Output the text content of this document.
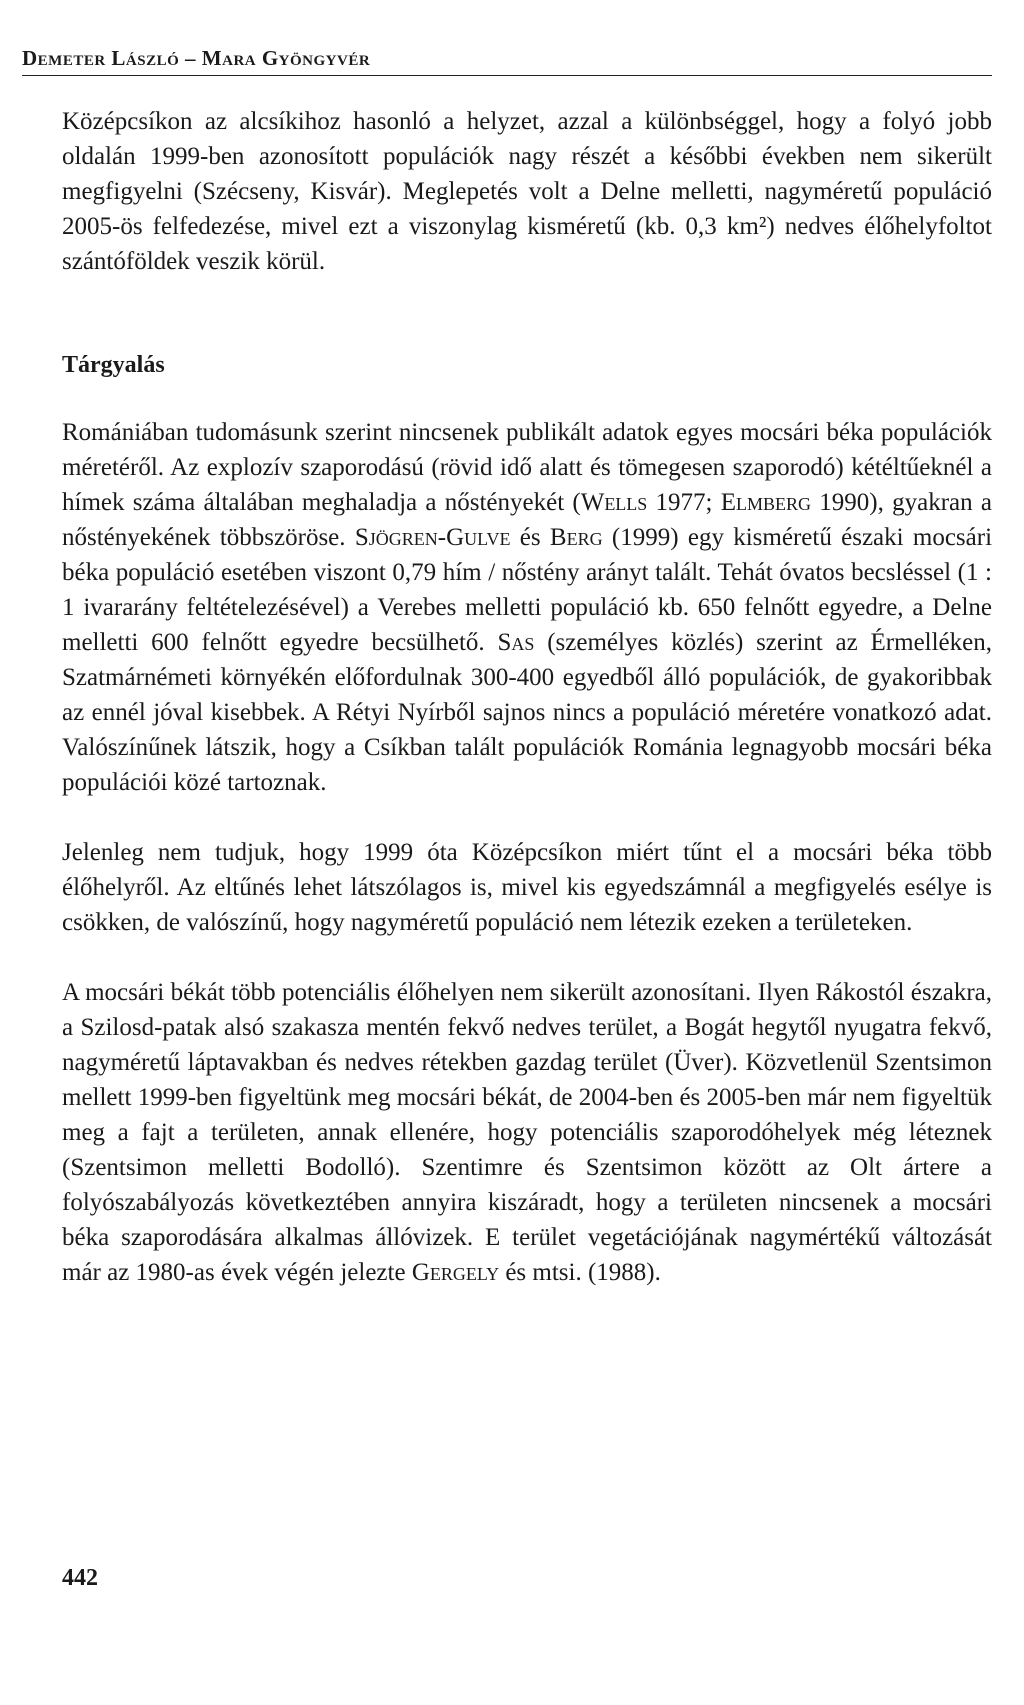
Demeter László – Mara Gyöngyvér

Középcsíkon az alcsíkihoz hasonló a helyzet, azzal a különbséggel, hogy a folyó jobb oldalán 1999-ben azonosított populációk nagy részét a későbbi években nem sikerült megfigyelni (Szécseny, Kisvár). Meglepetés volt a Delne melletti, nagyméretű populáció 2005-ös felfedezése, mivel ezt a viszonylag kisméretű (kb. 0,3 km²) nedves élőhelyfoltot szántóföldek veszik körül.

Tárgyalás

Romániában tudomásunk szerint nincsenek publikált adatok egyes mocsári béka populációk méretéről. Az explozív szaporodású (rövid idő alatt és tömegesen szaporodó) kétéltűeknél a hímek száma általában meghaladja a nőstényekét (Wells 1977; Elmberg 1990), gyakran a nőstényekének többszöröse. Sjögren-Gulve és Berg (1999) egy kisméretű északi mocsári béka populáció esetében viszont 0,79 hím / nőstény arányt talált. Tehát óvatos becsléssel (1 : 1 ivararány feltételezésével) a Verebes melletti populáció kb. 650 felnőtt egyedre, a Delne melletti 600 felnőtt egyedre becsülhető. Sas (személyes közlés) szerint az Érmelléken, Szatmárnémeti környékén előfordulnak 300-400 egyedből álló populációk, de gyakoribbak az ennél jóval kisebbek. A Rétyi Nyírből sajnos nincs a populáció méretére vonatkozó adat. Valószínűnek látszik, hogy a Csíkban talált populációk Románia legnagyobb mocsári béka populációi közé tartoznak.

Jelenleg nem tudjuk, hogy 1999 óta Középcsíkon miért tűnt el a mocsári béka több élőhelyről. Az eltűnés lehet látszólagos is, mivel kis egyedszámnál a megfigyelés esélye is csökken, de valószínű, hogy nagyméretű populáció nem létezik ezeken a területeken.

A mocsári békát több potenciális élőhelyen nem sikerült azonosítani. Ilyen Rákostól északra, a Szilosd-patak alsó szakasza mentén fekvő nedves terület, a Bogát hegytől nyugatra fekvő, nagyméretű láptavakban és nedves rétekben gazdag terület (Üver). Közvetlenül Szentsimon mellett 1999-ben figyeltünk meg mocsári békát, de 2004-ben és 2005-ben már nem figyeltük meg a fajt a területen, annak ellenére, hogy potenciális szaporodóhelyek még léteznek (Szentsimon melletti Bodolló). Szentimre és Szentsimon között az Olt ártere a folyószabályozás következtében annyira kiszáradt, hogy a területen nincsenek a mocsári béka szaporodására alkalmas állóvizek. E terület vegetációjának nagymértékű változását már az 1980-as évek végén jelezte Gergely és mtsi. (1988).

442
